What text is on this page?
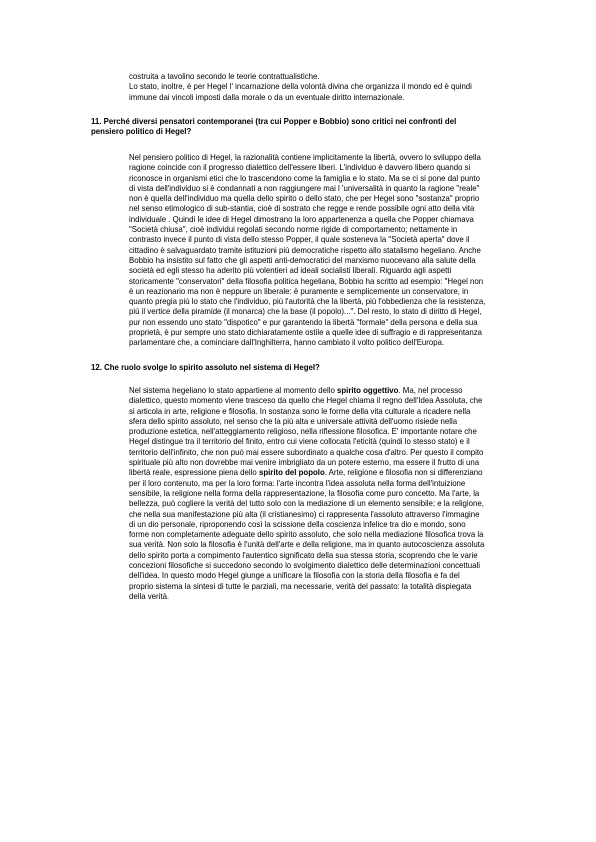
costruita a tavolino secondo le teorie contrattualistiche.
Lo stato, inoltre, è per Hegel l' incarnazione della volontà divina che organizza il mondo ed è quindi
immune dai vincoli imposti dalla morale o da un eventuale diritto internazionale.
11. Perché diversi pensatori contemporanei (tra cui Popper e Bobbio) sono critici nei confronti del
pensiero politico di Hegel?
Nel pensiero politico di Hegel, la razionalità contiene implicitamente la libertà, ovvero lo sviluppo della
ragione coincide con il progresso dialettico dell'essere liberi. L'individuo è davvero libero quando si
riconosce in organismi etici che lo trascendono come la famiglia e lo stato. Ma se ci si pone dal punto
di vista dell'individuo si è condannati a non raggiungere mai l 'universalità in quanto la ragione "reale"
non è quella dell'individuo ma quella dello spirito o dello stato, che per Hegel sono "sostanza" proprio
nel senso etimologico di sub-stantia, cioè di sostrato che regge e rende possibile ogni atto della vita
individuale . Quindi le idee di Hegel dimostrano la loro appartenenza a quella che Popper chiamava
"Società chiusa", cioè individui regolati secondo norme rigide di comportamento; nettamente in
contrasto invece il punto di vista dello stesso Popper, il quale sosteneva la "Società aperta" dove il
cittadino è salvaguardato tramite istituzioni più democratiche rispetto allo statalismo hegeliano. Anche
Bobbio ha insistito sul fatto che gli aspetti anti-democratici del marxismo nuocevano alla salute della
società ed egli stesso ha aderito più volentieri ad ideali socialisti liberali. Riguardo agli aspetti
storicamente "conservatori" della filosofia politica hegeliana, Bobbio ha scritto ad esempio: "Hegel non
è un reazionario ma non è neppure un liberale: è puramente e semplicemente un conservatore, in
quanto pregia più lo stato che l'individuo, più l'autorità che la libertà, più l'obbedienza che la resistenza,
più il vertice della piramide (il monarca) che la base (il popolo)...". Del resto, lo stato di diritto di Hegel,
pur non essendo uno stato "dispotico" e pur garantendo la libertà "formale" della persona e della sua
proprietà, è pur sempre uno stato dichiaratamente ostile a quelle idee di suffragio e di rappresentanza
parlamentare che, a cominciare dall'Inghilterra, hanno cambiato il volto politico dell'Europa.
12. Che ruolo svolge lo spirito assoluto nel sistema di Hegel?
Nel sistema hegeliano lo stato appartiene al momento dello spirito oggettivo. Ma, nel processo
dialettico, questo momento viene trasceso da quello che Hegel chiama il regno dell'Idea Assoluta, che
si articola in arte, religione e filosofia. In sostanza sono le forme della vita culturale a ricadere nella
sfera dello spirito assoluto, nel senso che la più alta e universale attività dell'uomo risiede nella
produzione estetica, nell'atteggiamento religioso, nella riflessione filosofica. E' importante notare che
Hegel distingue tra il territorio del finito, entro cui viene collocata l'eticità (quindi lo stesso stato) e il
territorio dell'infinito, che non può mai essere subordinato a qualche cosa d'altro. Per questo il compito
spirituale più alto non dovrebbe mai venire imbrigliato da un potere esterno, ma essere il frutto di una
libertà reale, espressione piena dello spirito del popolo. Arte, religione e filosofia non si differenziano
per il loro contenuto, ma per la loro forma: l'arte incontra l'idea assoluta nella forma dell'intuizione
sensibile, la religione nella forma della rappresentazione, la filosofia come puro concetto. Ma l'arte, la
bellezza, può cogliere la verità del tutto solo con la mediazione di un elemento sensibile; e la religione,
che nella sua manifestazione più alta (il cristianesimo) ci rappresenta l'assoluto attraverso l'immagine
di un dio personale, riproponendo così la scissione della coscienza infelice tra dio e mondo, sono
forme non completamente adeguate dello spirito assoluto, che solo nella mediazione filosofica trova la
sua verità. Non solo la filosofia è l'unità dell'arte e della religione, ma in quanto autocoscienza assoluta
dello spirito porta a compimento l'autentico significato della sua stessa storia, scoprendo che le varie
concezioni filosofiche si succedono secondo lo svolgimento dialettico delle determinazioni concettuali
dell'idea. In questo modo Hegel giunge a unificare la filosofia con la storia della filosofia e fa del
proprio sistema la sintesi di tutte le parziali, ma necessarie, verità del passato: la totalità dispiegata
della verità.
